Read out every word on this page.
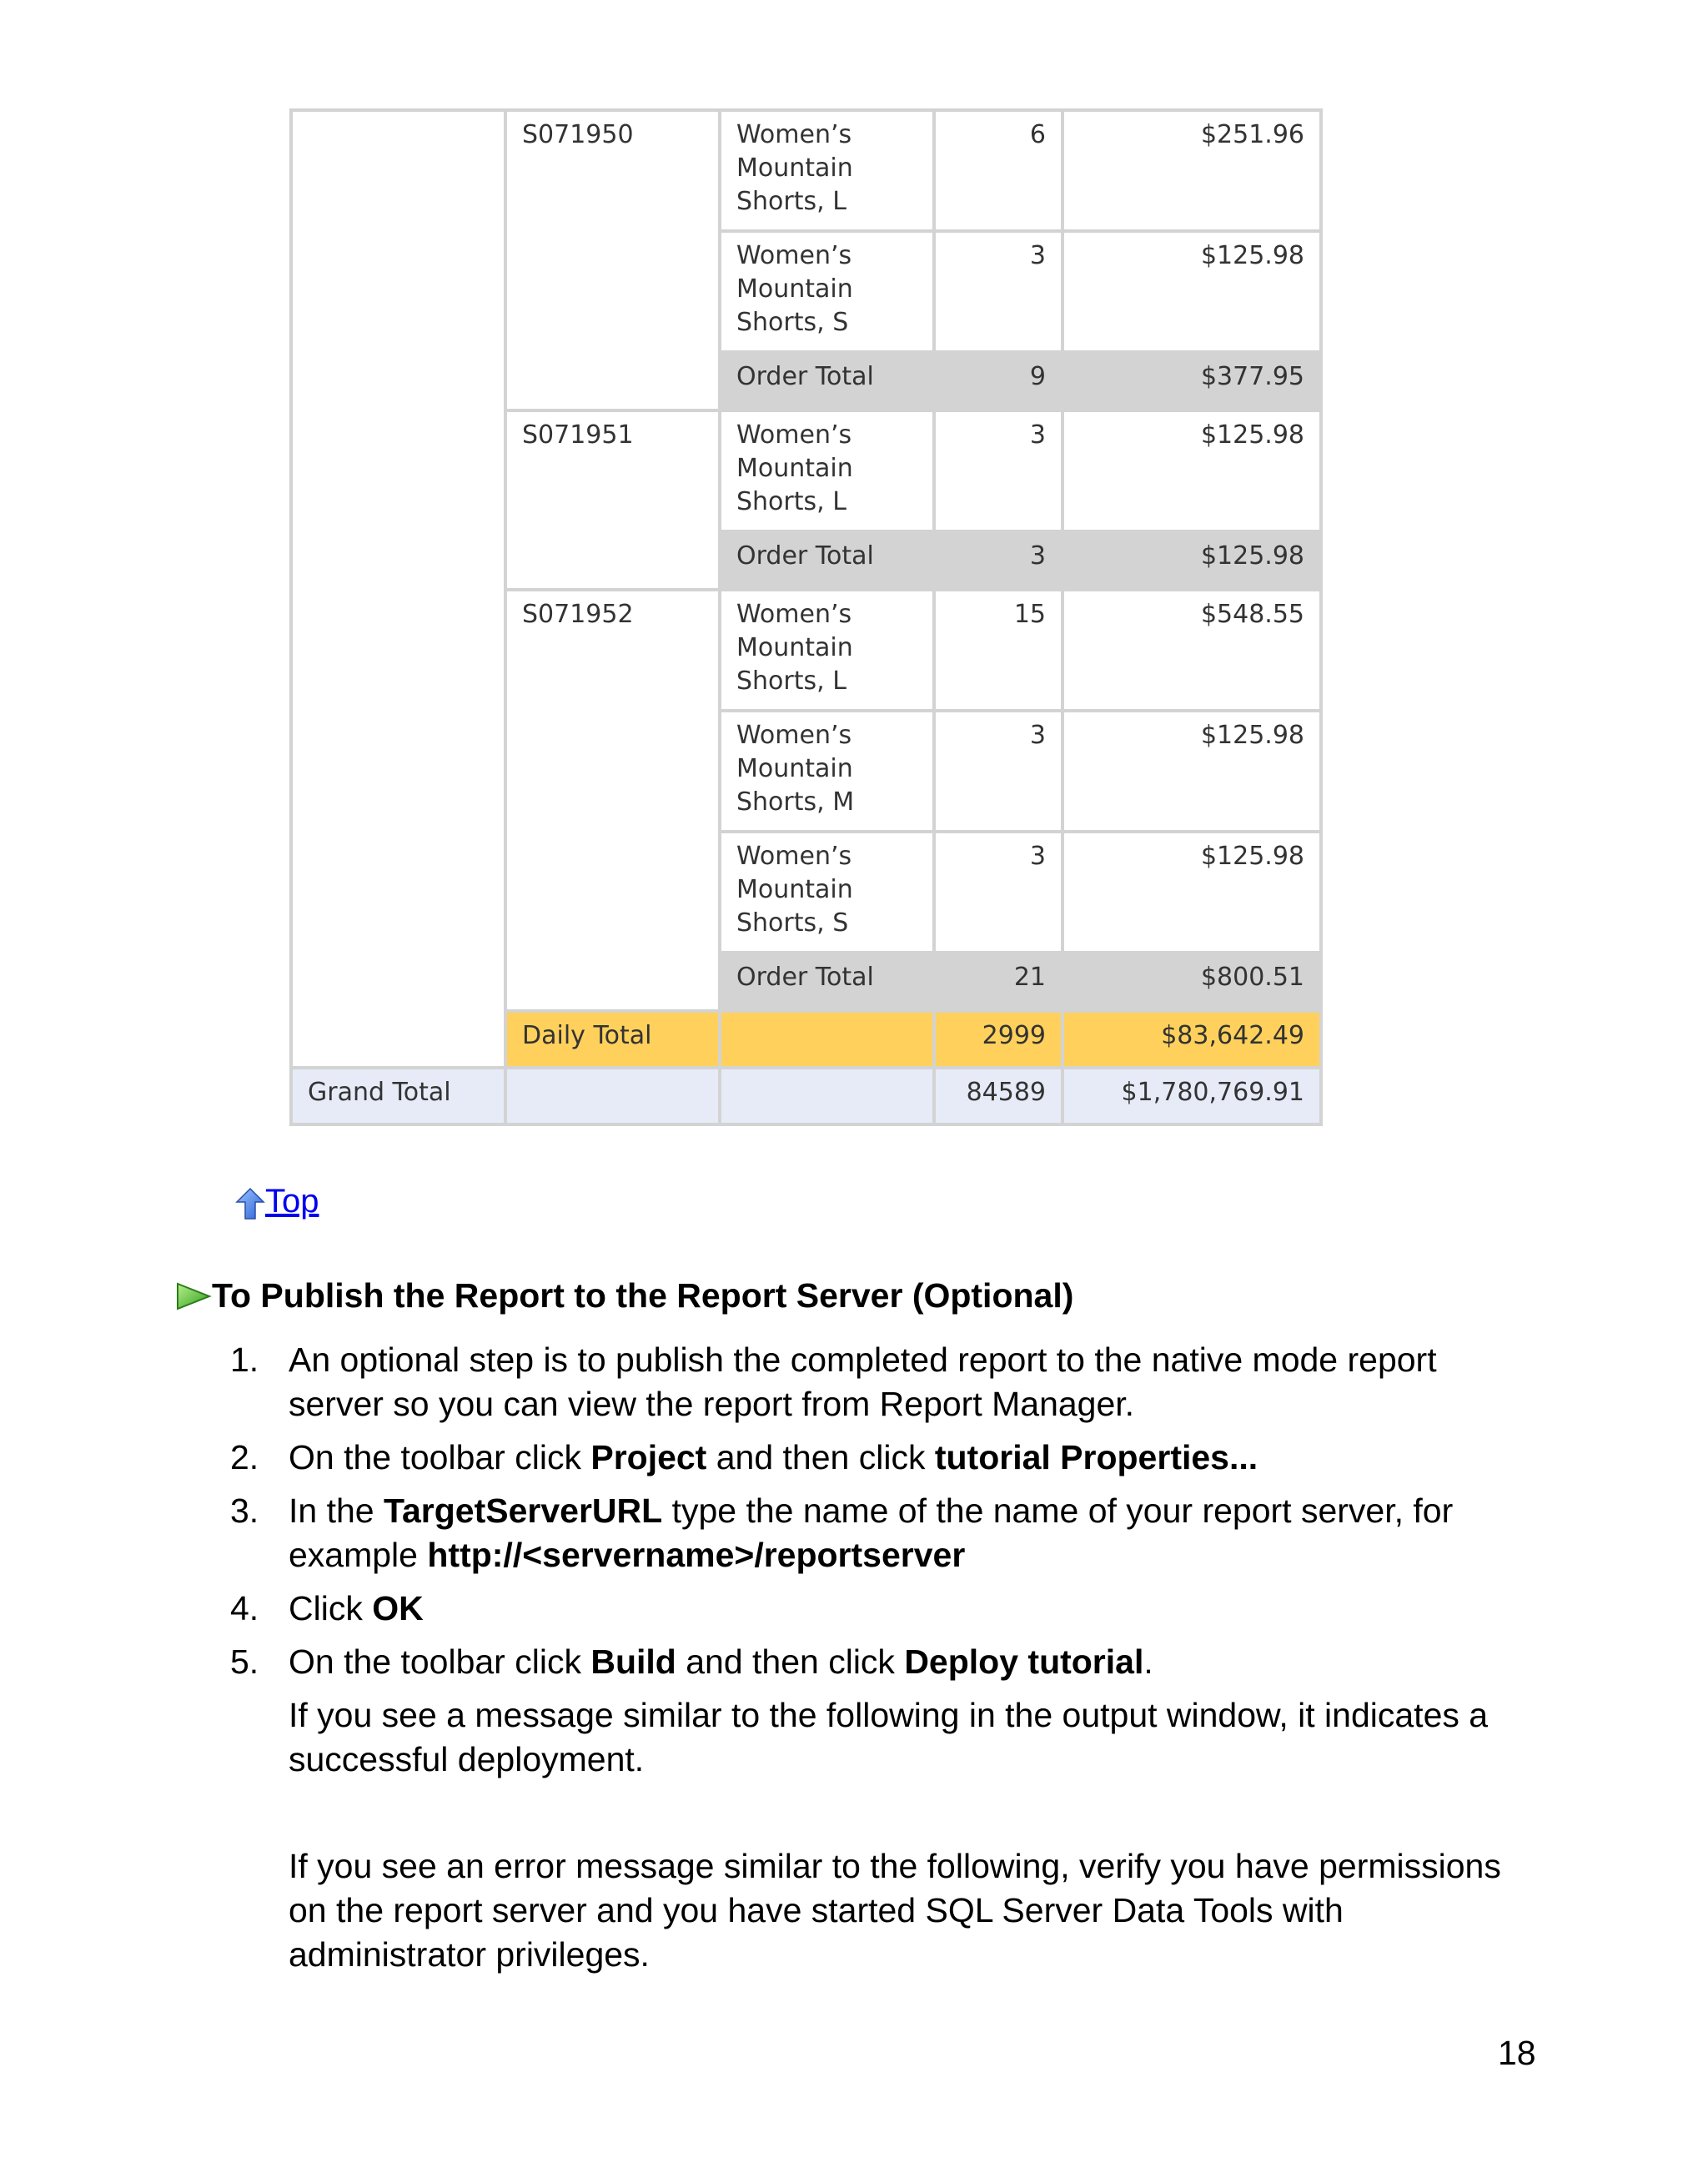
	S071950	Women’s
Mountain
Shorts, L	6	$251.96
		Women’s
Mountain
Shorts, S	3	$125.98
		Order Total	9	$377.95
	S071951	Women’s
Mountain
Shorts, L	3	$125.98
		Order Total	3	$125.98
	S071952	Women’s
Mountain
Shorts, L	15	$548.55
		Women’s
Mountain
Shorts, M	3	$125.98
		Women’s
Mountain
Shorts, S	3	$125.98
		Order Total	21	$800.51
	Daily Total		2999	$83,642.49
Grand Total			84589	$1,780,769.91
Top
To Publish the Report to the Report Server (Optional)
1. An optional step is to publish the completed report to the native mode report server so you can view the report from Report Manager.
2. On the toolbar click Project and then click tutorial Properties...
3. In the TargetServerURL type the name of the name of your report server, for example http://<servername>/reportserver
4. Click OK
5. On the toolbar click Build and then click Deploy tutorial.
If you see a message similar to the following in the output window, it indicates a successful deployment.
If you see an error message similar to the following, verify you have permissions on the report server and you have started SQL Server Data Tools with administrator privileges.
18
